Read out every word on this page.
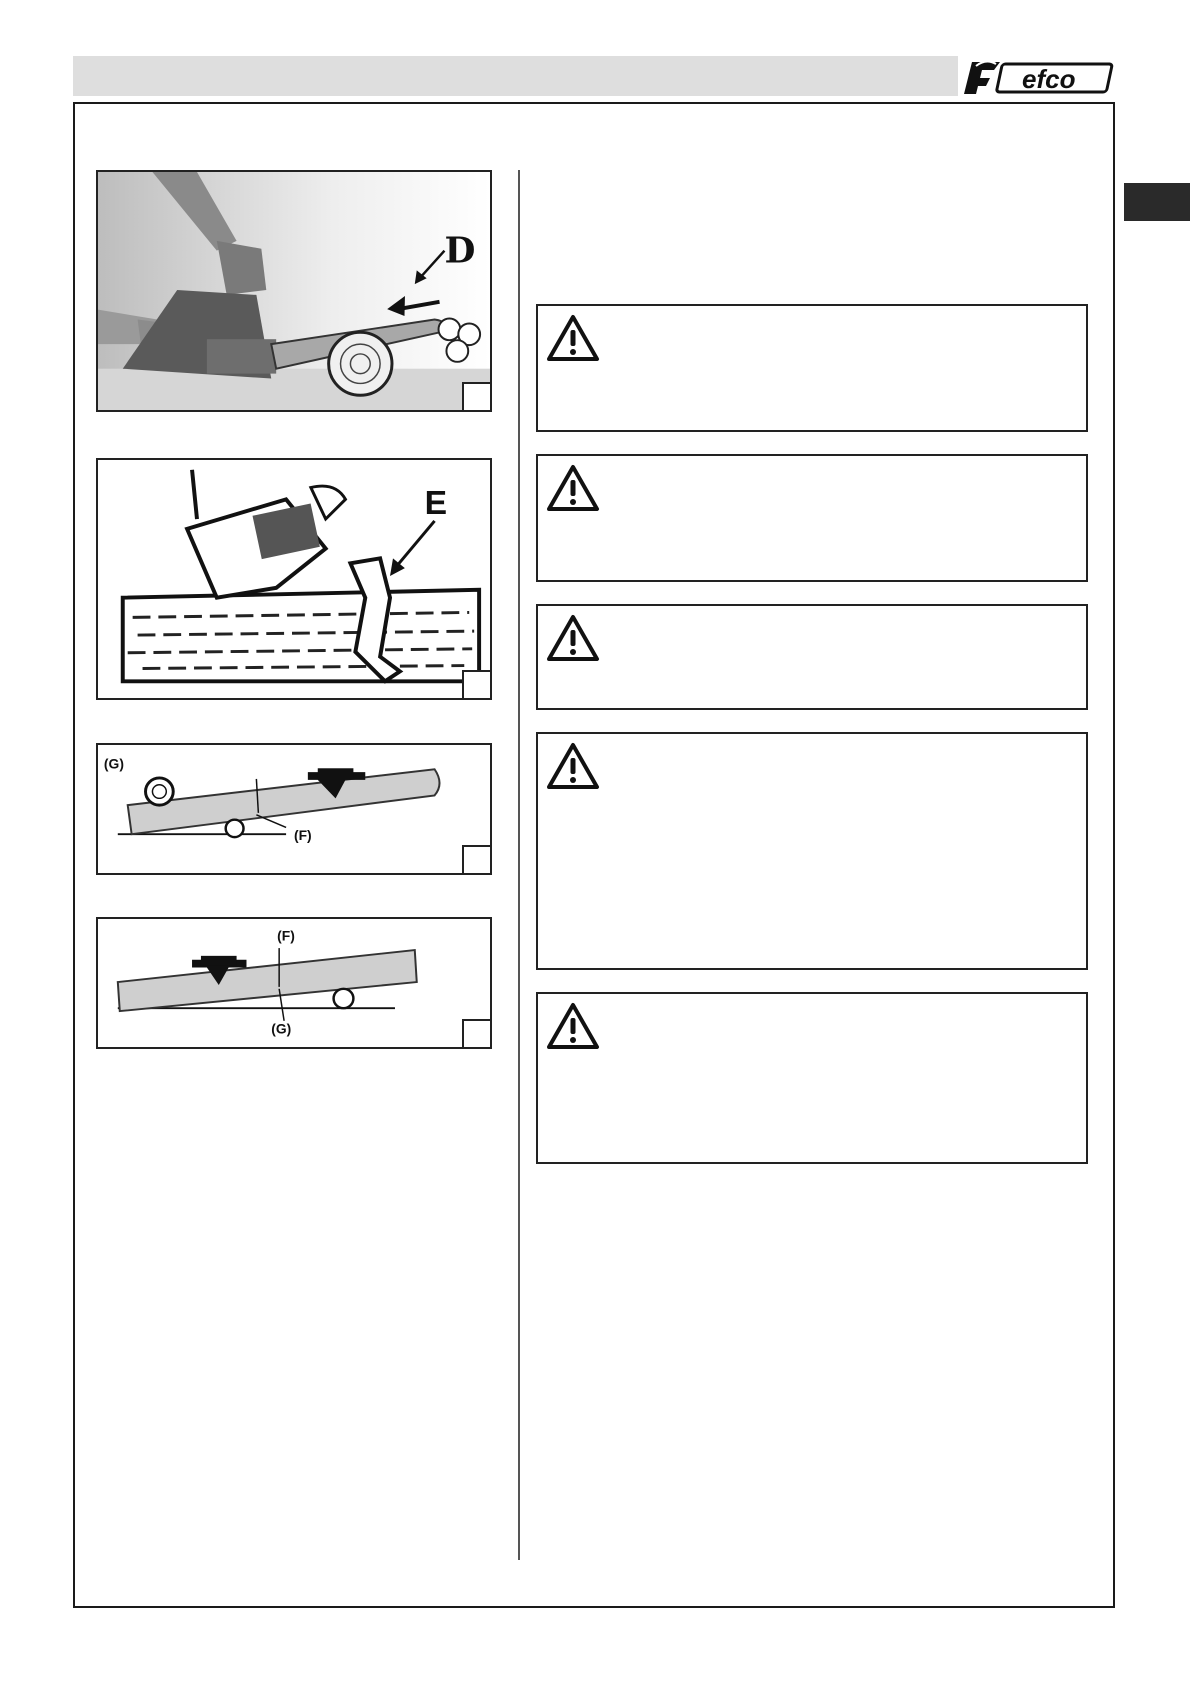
efco
D
E
(G)
(F)
(F)
(G)
